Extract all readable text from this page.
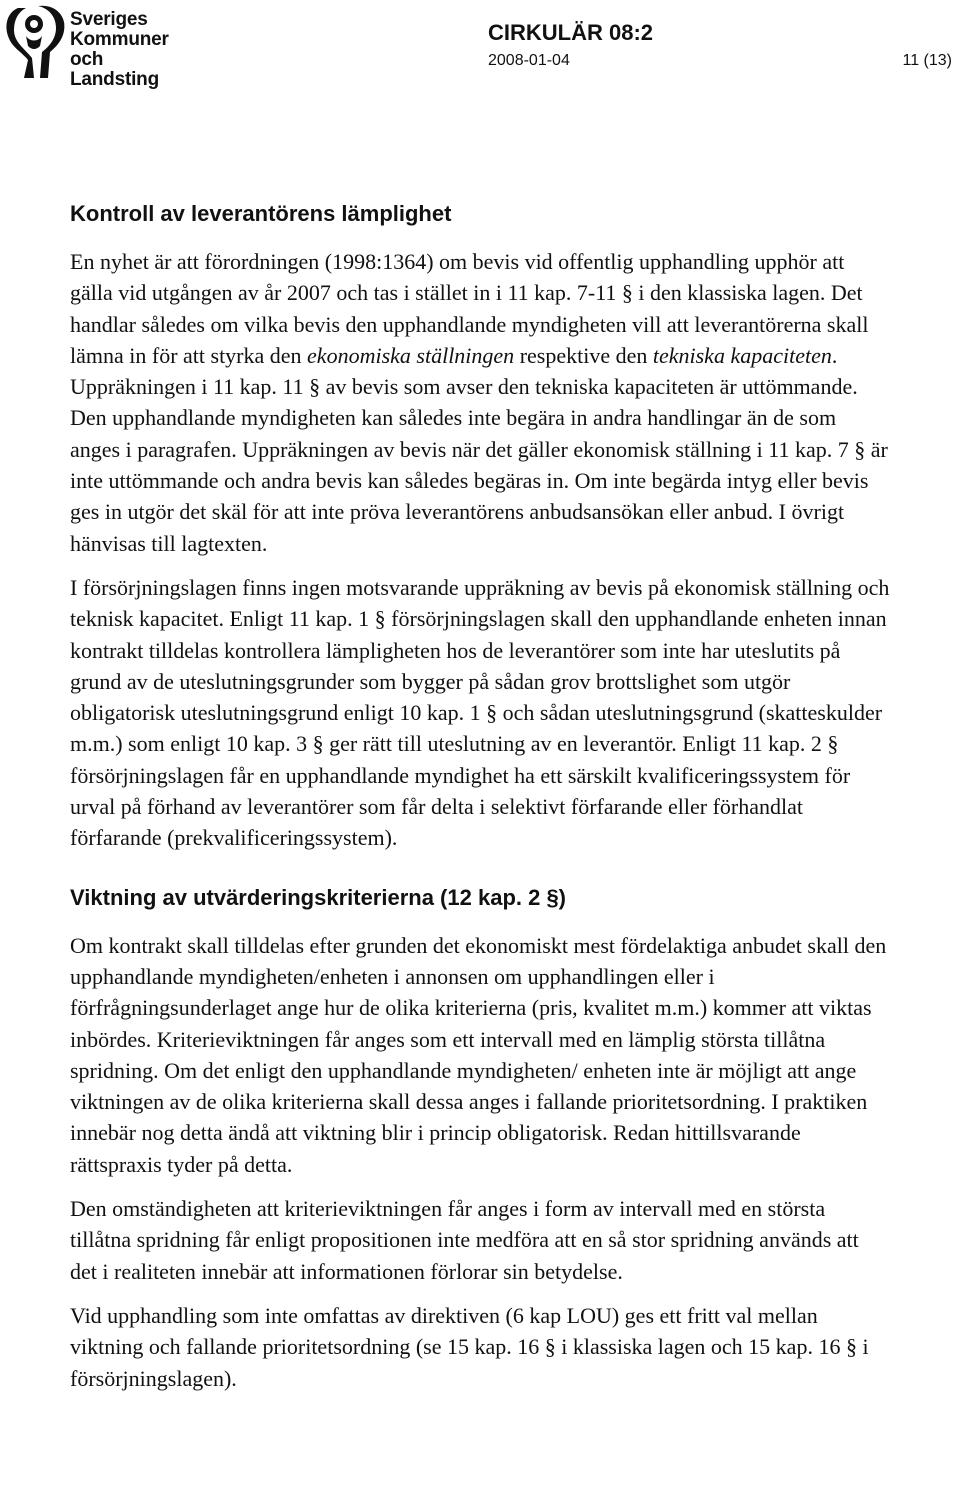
Sveriges
Kommuner
och Landsting
CIRKULÄR 08:2
2008-01-04	11 (13)
Kontroll av leverantörens lämplighet

En nyhet är att förordningen (1998:1364) om bevis vid offentlig upphandling upphör att gälla vid utgången av år 2007 och tas i stället in i 11 kap. 7-11 § i den klassiska lagen. Det handlar således om vilka bevis den upphandlande myndigheten vill att leverantörerna skall lämna in för att styrka den ekonomiska ställningen respektive den tekniska kapaciteten. Uppräkningen i 11 kap. 11 § av bevis som avser den tekniska kapaciteten är uttömmande. Den upphandlande myndigheten kan således inte begära in andra handlingar än de som anges i paragrafen. Uppräkningen av bevis när det gäller ekonomisk ställning i 11 kap. 7 § är inte uttömmande och andra bevis kan således begäras in. Om inte begärda intyg eller bevis ges in utgör det skäl för att inte pröva leverantörens anbudsansökan eller anbud. I övrigt hänvisas till lagtexten.

I försörjningslagen finns ingen motsvarande uppräkning av bevis på ekonomisk ställning och teknisk kapacitet. Enligt 11 kap. 1 § försörjningslagen skall den upphandlande enheten innan kontrakt tilldelas kontrollera lämpligheten hos de leverantörer som inte har uteslutits på grund av de uteslutningsgrunder som bygger på sådan grov brottslighet som utgör obligatorisk uteslutningsgrund enligt 10 kap. 1 § och sådan uteslutningsgrund (skatteskulder m.m.) som enligt 10 kap. 3 § ger rätt till uteslutning av en leverantör. Enligt 11 kap. 2 § försörjningslagen får en upphandlande myndighet ha ett särskilt kvalificeringssystem för urval på förhand av leverantörer som får delta i selektivt förfarande eller förhandlat förfarande (prekvalificeringssystem).

Viktning av utvärderingskriterierna (12 kap. 2 §)

Om kontrakt skall tilldelas efter grunden det ekonomiskt mest fördelaktiga anbudet skall den upphandlande myndigheten/enheten i annonsen om upphandlingen eller i förfrågningsunderlaget ange hur de olika kriterierna (pris, kvalitet m.m.) kommer att viktas inbördes. Kriterieviktningen får anges som ett intervall med en lämplig största tillåtna spridning. Om det enligt den upphandlande myndigheten/ enheten inte är möjligt att ange viktningen av de olika kriterierna skall dessa anges i fallande prioritetsordning. I praktiken innebär nog detta ändå att viktning blir i princip obligatorisk. Redan hittillsvarande rättspraxis tyder på detta.

Den omständigheten att kriterieviktningen får anges i form av intervall med en största tillåtna spridning får enligt propositionen inte medföra att en så stor spridning används att det i realiteten innebär att informationen förlorar sin betydelse.

Vid upphandling som inte omfattas av direktiven (6 kap LOU) ges ett fritt val mellan viktning och fallande prioritetsordning (se 15 kap. 16 § i klassiska lagen och 15 kap. 16 § i försörjningslagen).
